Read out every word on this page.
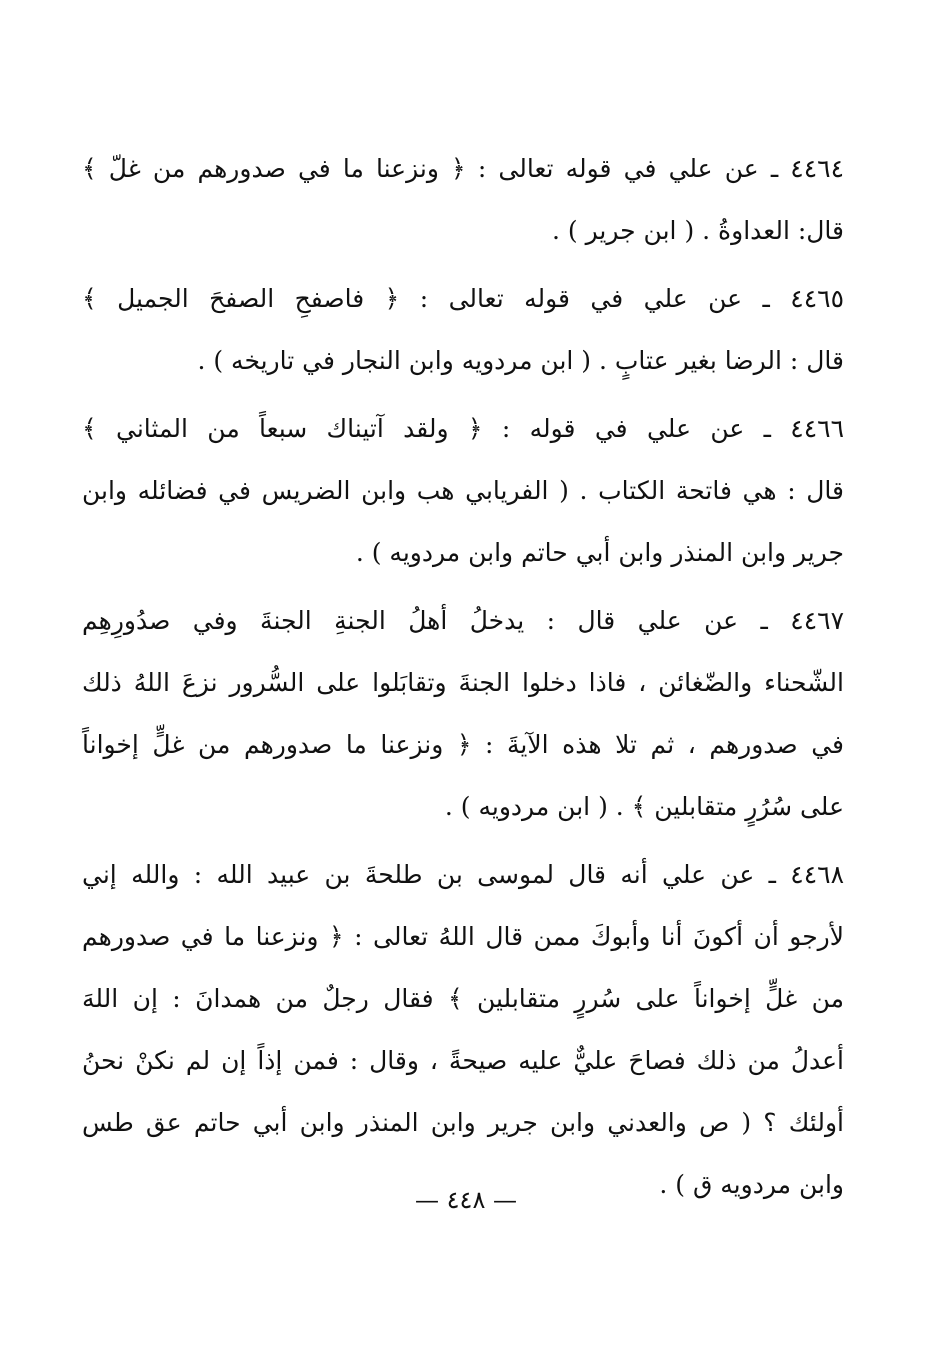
٤٤٦٤ ـ عن علي في قوله تعالى : ﴿ ونزعنا ما في صدورهم من غلّ ﴾
قال: العداوةُ . ( ابن جرير ) .
٤٤٦٥ ـ عن علي في قوله تعالى : ﴿ فاصفحِ الصفحَ الجميل ﴾
قال : الرضا بغير عتابٍ . ( ابن مردويه وابن النجار في تاريخه ) .
٤٤٦٦ ـ عن علي في قوله : ﴿ ولقد آتيناك سبعاً من المثاني ﴾
قال : هي فاتحة الكتاب . ( الفريابي هب وابن الضريس في فضائله وابن
جرير وابن المنذر وابن أبي حاتم وابن مردويه ) .
٤٤٦٧ ـ عن علي قال : يدخلُ أهلُ الجنةِ الجنةَ وفي صدُورِهِم
الشّحناء والضّغائن ، فاذا دخلوا الجنةَ وتقابَلوا على السُّرور نزعَ اللهُ ذلك
في صدورهم ، ثم تلا هذه الآيةَ : ﴿ ونزعنا ما صدورهم من غلٍّ إخواناً
على سُرُرٍ متقابلين ﴾ . ( ابن مردويه ) .
٤٤٦٨ ـ عن علي أنه قال لموسى بن طلحةَ بن عبيد الله : والله إني
لأرجو أن أكونَ أنا وأبوكَ ممن قال اللهُ تعالى : ﴿ ونزعنا ما في صدورهم
من غلٍّ إخواناً على سُررٍ متقابلين ﴾ فقال رجلٌ من همدانَ : إن اللهَ
أعدلُ من ذلك فصاحَ عليٌّ عليه صيحةً ، وقال : فمن إذاً إن لم نكنْ نحنُ
أولئك ؟ ( ص والعدني وابن جرير وابن المنذر وابن أبي حاتم عق طس
وابن مردويه ق ) .
— ٤٤٨ —
